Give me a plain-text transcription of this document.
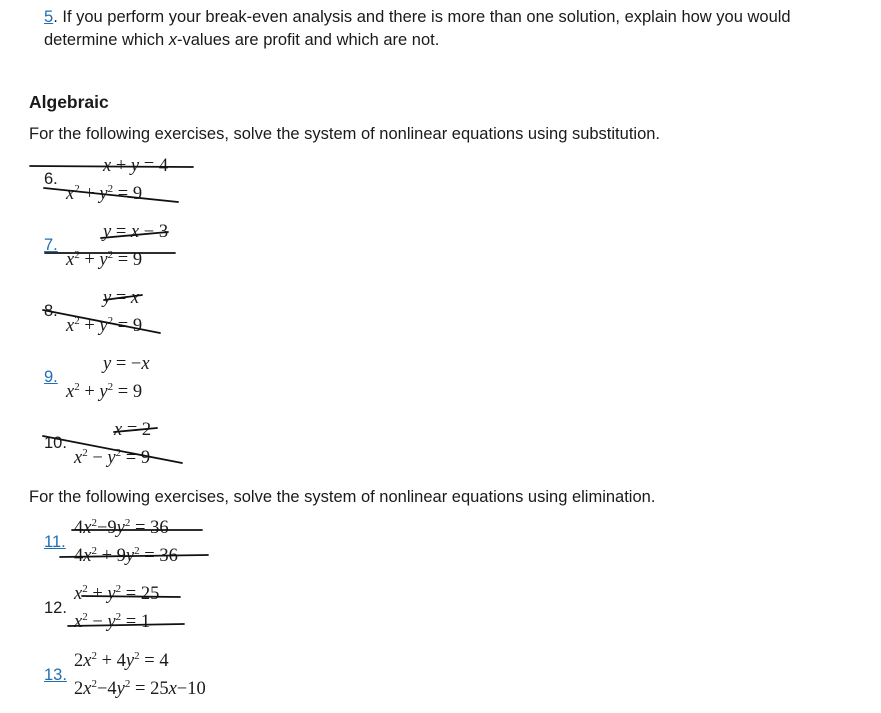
5. If you perform your break-even analysis and there is more than one solution, explain how you would determine which x-values are profit and which are not.
Algebraic
For the following exercises, solve the system of nonlinear equations using substitution.
6.
x + y = 4
$x^2 + y^2 = 9$
7.
y = x − 3
$x^2 + y^2 = 9$
8.
y = x
$x^2 + y^2 = 9$
9.
y = −x
$x^2 + y^2 = 9$
10.
x = 2
$x^2 - y^2 = 9$
For the following exercises, solve the system of nonlinear equations using elimination.
11.
$4x^2-9y^2 = 36$
$4x^2 + 9y^2 = 36$
12.
$x^2 + y^2 = 25$
$x^2 - y^2 = 1$
13.
$2x^2 + 4y^2 = 4$
$2x^2-4y^2 = 25x-10$
